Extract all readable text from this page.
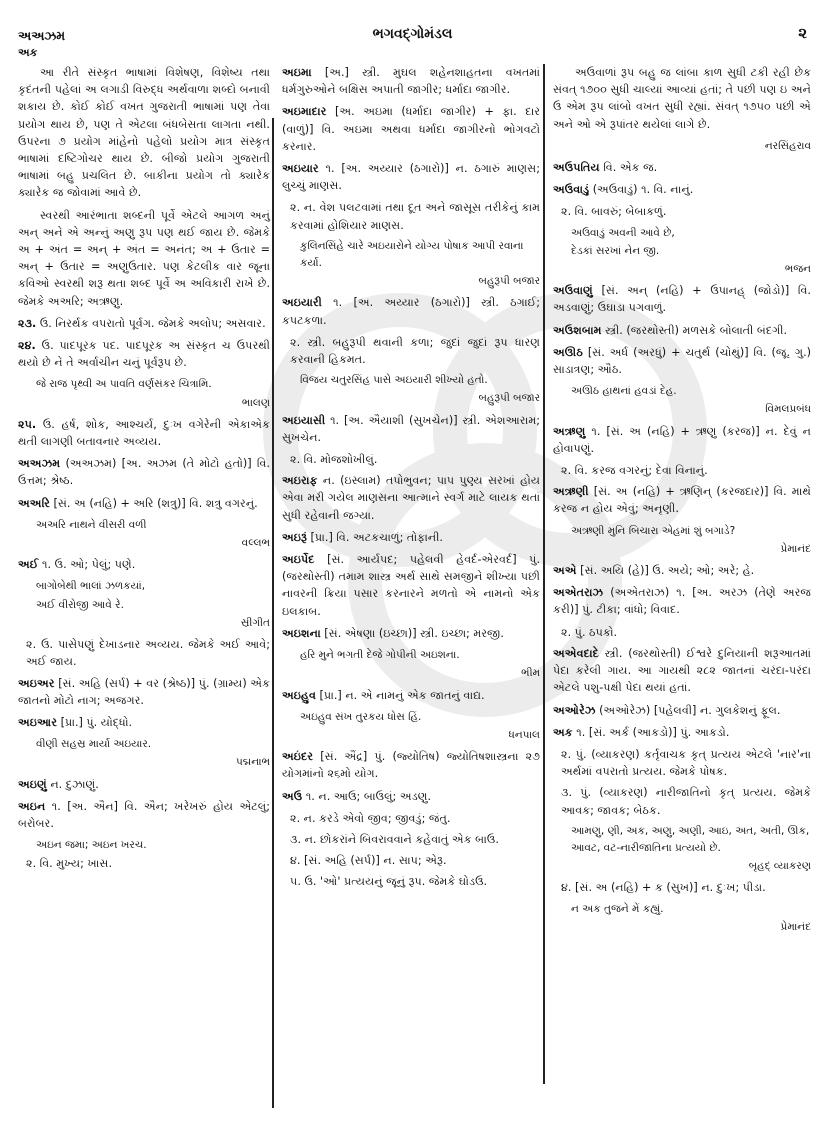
અઅઝમ
અક
ભગવદ્ગોમંડલ	૨
આ રીતે સંસ્કૃત ભાષામાં વિશેષણ, વિશેષ્ય તથા કૃદંતની પહેલાં અ લગાડી વિરુદ્ધ અર્થવાળા શબ્દો બનાવી શકાય છે. કોઈ કોઈ વખત ગુજરાતી ભાષામાં પણ તેવા પ્રયોગ થાય છે, પણ તે એટલા બંધબેસતા લાગતા નથી. ઉપરના ૭ પ્રયોગ માંહેનો પહેલો પ્રયોગ માત્ર સંસ્કૃત ભાષામાં દષ્ટિગોચર થાય છે. બીજો પ્રયોગ ગુજરાતી ભાષામાં બહુ પ્રચલિત છે. બાકીના પ્રયોગ તો ક્યારેક ક્યારેક જ જોવામાં આવે છે.
સ્વરથી આરંભાતા શબ્દની પૂર્વે એટલે આગળ અનું અન્ અને એ અન્નું અણુ રૂપ પણ થઈ જાય છે. જેમકે અ + અંત = અન્ + અંત = અનંત; અ + ઉતાર = અન્ + ઉતાર = અણુઉતાર. પણ કેટલીક વાર જૂના કવિઓ સ્વરથી શરૂ થતા શબ્દ પૂર્વે અ અવિકારી રાખે છે. જેમકે અઅરિ; અઋણુ.
૨૩. ઉ. નિરર્થક વપરાતો પૂર્વગ. જેમકે અલોપ; અસવાર.
૨૪. ઉ. પાદપૂરક પદ. પાદપૂરક અ સંસ્કૃત ચ ઉપરથી થયો છે ને તે અર્વાચીન ચનું પૂર્વરૂપ છે.
જે રાજ પૃથ્વી અ પાવતિ વર્ણસંકર ચિત્રામિ.
ભાલણ
૨૫. ઉ. હર્ષ, શોક, આશ્ચર્ય, દુઃખ વગેરેની એકાએક થતી લાગણી બતાવનાર અવ્યય.
અઅઝમ (અઅઝમ) [અ. અઝમ (તે મોટો હતો)] વિ. ઉત્તમ; શ્રેષ્ઠ.
અઅરિ [સં. અ (નહિ) + અરિ (શત્રુ)] વિ. શત્રુ વગરનું.
અઅરિ નાથને વીસરી વળી
વલ્લભ
અઈ ૧. ઉ. ઓ; પેલું; પણે.
બાગોબેથી ભાલાં ઝળકયાં,
અઈ વીરોજી આવે રે.
સ્રીગીત
૨. ઉ. પાસેપણું દેખાડનાર અવ્યય. જેમકે અઈ આવે; અઈ જાય.
અઇઅર [સં. અહિ (સર્પ) + વર (શ્રેષ્ઠ)] પું. (ગ્રામ્ય) એક જાતનો મોટો નાગ; અજગર.
અઇઆર [પ્રા.] પું. યોદ્ધો.
વીણી સહસ્ર માર્યા અઇયાર.
પદ્મનાભ
અઇણું ન. દુઝાણું.
અઇન ૧. [અ. ઐન] વિ. ઐન; ખરેખરું હોય એટલું; બરોબર.
અઇન જમા; અઇન ખરચ.
૨. વિ. મુખ્ય; ખાસ.
અઇમા [અ.] સ્ત્રી. મુઘલ શહેનશાહતના વખતમાં ધર્મગુરુઓને બક્ષિસ અપાતી જાગીર; ધર્માદા જાગીર.
અઇમાદાર [અ. અઇમા (ધર્માદા જાગીર) + ફા. દાર (વાળું)] વિ. અઇમા અથવા ધર્માદા જાગીરનો ભોગવટો કરનાર.
અઇયાર ૧. [અ. અય્યાર (ઠગારો)] ન. ઠગારું માણસ; લુચ્ચું માણસ.
૨. ન. વેશ પલટવામાં તથા દૂત અને જાસૂસ તરીકેનું કામ કરવામાં હોશિયાર માણસ.
કુલિનસિંહે ચારે અઇયારોને યોગ્ય પોષાક આપી રવાના કર્યા.
બહુરૂપી બજાર
અઇયારી ૧. [અ. અય્યાર (ઠગારો)] સ્ત્રી. ઠગાઈ; કપટકળા.
૨. સ્ત્રી. બહુરૂપી થવાની કળા; જુદાં જુદાં રૂપ ધારણ કરવાની હિકમત.
વિજય ચતુરસિંહ પાસે અઇયારી શીખ્યો હતો.
બહુરૂપી બજાર
અઇયાસી ૧. [અ. ઐયાશી (સુખચેન)] સ્ત્રી. એશઆરામ; સુખચેન.
૨. વિ. મોજશોખીલું.
અઇરાફ ન. (ઇસ્લામ) તપોભુવન; પાપ પુણ્ય સરખાં હોય એવા મરી ગયેલ માણસના આત્માને સ્વર્ગ માટે લાયક થતાં સુધી રહેવાની જગ્યા.
અઇરૂં [પ્રા.] વિ. અટકચાળું; તોફાની.
અઇર્પેદ [સં. આર્યપદ; પહેલવી હેવર્દ-એરવર્દ] પું. (જરથોસ્તી) તમામ શાસ્ત્ર અર્થ સાથે સમજીને શીખ્યા પછી નાવરની ક્રિયા પસાર કરનારને મળતો એ નામનો એક ઇલકાબ.
અઇશના [સં. એષણા (ઇચ્છા)] સ્ત્રી. ઇચ્છા; મરજી.
હરિ મુને ભગતી દેજે ગોપીની અઇશના.
ભીમ
અઇહુવ [પ્રા.] ન. એ નામનું એક જાતનું વાદ્ય.
અઇહુવ સંખ તુરકય ધોસ હિં.
ધનપાલ
અઇંદર [સં. ઐંદ્ર] પું. (જ્યોતિષ) જ્યોતિષશાસ્ત્રના ૨૭ યોગમાંનો ૨૬મો યોગ.
અઉ ૧. ન. આઉ; બાઉલું; અડણુ.
૨. ન. કરડે એવો જીવ; જીવડું; જંતુ.
૩. ન. છોકરાંને બિવરાવવાને કહેવાતું એક બાઉ.
૪. [સં. અહિ (સર્પ)] ન. સાપ; એરૂ.
૫. ઉ. 'ઓ' પ્રત્યયનું જૂનું રૂપ. જેમકે ઘોડઉ.
અઉવાળાં રૂપ બહુ જ લાંબા કાળ સુધી ટકી રહી છેક સંવત્ ૧૭૦૦ સુધી ચાલ્યાં આવ્યાં હતાં; તે પછી પણ ઇ અને ઉ એમ રૂપ લાંબો વખત સુધી રહ્યાં. સંવત્ ૧૭૫૦ પછી એ અને ઓ એ રૂપાંતર થયેલાં લાગે છે.
નરસિંહરાવ
અઉપતિય વિ. એક જ.
અઉવાડું (અઉવાડું) ૧. વિ. નાનું.
૨. વિ. બાવરું; બેબાકળું.
અઉવાડું અવની આવે છે,
દેડકાં સરખાં નેન જી.
ભજન
અઉવાણું [સં. અન્ (નહિ) + ઉપાનહ્ (જોડો)] વિ. અડવાણું; ઉઘાડા પગવાળું.
અઉશબામ સ્ત્રી. (જરથોસ્તી) મળસકે બોલાતી બંદગી.
અઊઠ [સં. અર્ધ (અરધું) + ચતુર્થ (ચોથું)] વિ. (જૂ. ગુ.) સાડાત્રણ; ઔઠ.
અઊઠ હાથનાં હવડાં દેહ.
વિમલપ્રબંધ
અઋણુ ૧. [સં. અ (નહિ) + ઋણુ (કરજ)] ન. દેવું ન હોવાપણું.
૨. વિ. કરજ વગરનું; દેવા વિનાનું.
અઋણી [સં. અ (નહિ) + ઋણિન્ (કરજદાર)] વિ. માથે કરજ ન હોય એવું; અનૃણી.
અઋણી મુનિ બિચારા એહમાં શું બગાડે?
પ્રેમાનંદ
અએ [સં. અયિ (હે)] ઉ. અયે; ઓ; અરે; હે.
અએતરાઝ (અએતરાઝ) ૧. [અ. અરઝ (તેણે અરજ કરી)] પું. ટીકા; વાંધો; વિવાદ.
૨. પું. ઠપકો.
અએવદાદે સ્ત્રી. (જરથોસ્તી) ઈશ્વરે દુનિયાની શરૂઆતમાં પેદા કરેલી ગાય. આ ગાયથી ૨૮૨ જાતનાં ચરંદા-પરંદા એટલે પશુ-પક્ષી પેદા થયાં હતાં.
અઓરેઝ (અઓરેઝ) [પહેલવી] ન. ગુલકેશનું ફૂલ.
અક ૧. [સં. અર્ક (આકડો)] પું. આકડો.
૨. પું. (વ્યાકરણ) કર્તૃવાચક કૃત્ પ્રત્યય એટલે 'નાર'ના અર્થમાં વપરાતો પ્રત્યય. જેમકે પોષક.
૩. પું. (વ્યાકરણ) નારીજાતિનો કૃત્ પ્રત્યય. જેમકે આવક; જાવક; બેઠક.
આમણુ, ણી, અક, અણુ, અણી, આઇ, અત, અતી, ઊક, આવટ, વટ-નારીજાતિના પ્રત્યયો છે.
બૃહદ્ વ્યાકરણ
૪. [સં. અ (નહિ) + ક (સુખ)] ન. દુઃખ; પીડા.
ન અક તુજને મેં કહ્યું.
પ્રેમાનંદ
